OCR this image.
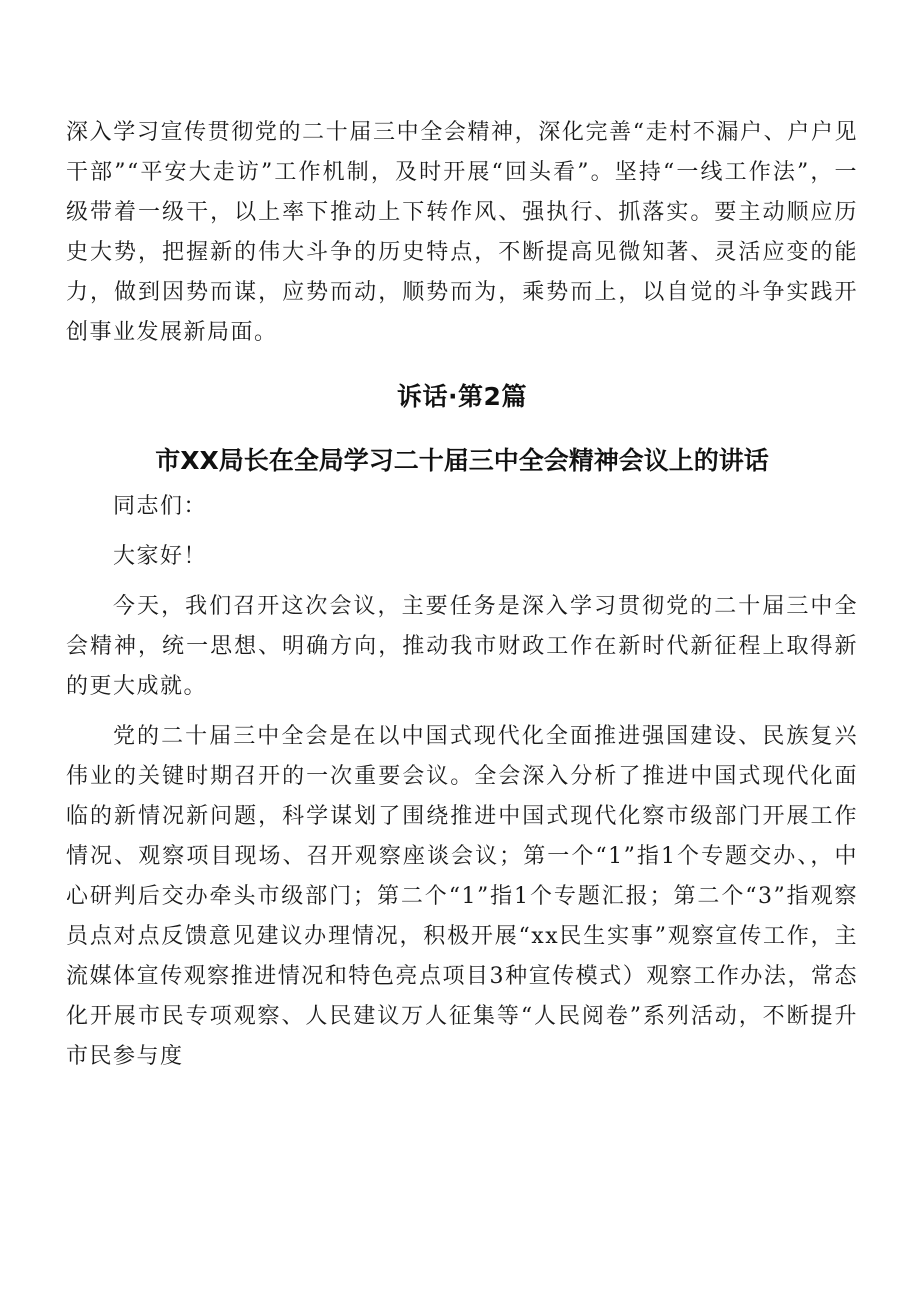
深入学习宣传贯彻党的二十届三中全会精神，深化完善“走村不漏户、户户见干部”“平安大走访”工作机制，及时开展“回头看”。坚持“一线工作法”，一级带着一级干，以上率下推动上下转作风、强执行、抓落实。要主动顺应历史大势，把握新的伟大斗争的历史特点，不断提高见微知著、灵活应变的能力，做到因势而谋，应势而动，顺势而为，乘势而上，以自觉的斗争实践开创事业发展新局面。

诉话·第2篇
市XX局长在全局学习二十届三中全会精神会议上的讲话

同志们：

大家好！

今天，我们召开这次会议，主要任务是深入学习贯彻党的二十届三中全会精神，统一思想、明确方向，推动我市财政工作在新时代新征程上取得新的更大成就。

党的二十届三中全会是在以中国式现代化全面推进强国建设、民族复兴伟业的关键时期召开的一次重要会议。全会深入分析了推进中国式现代化面临的新情况新问题，科学谋划了围绕推进中国式现代化察市级部门开展工作情况、观察项目现场、召开观察座谈会议；第一个“1”指1个专题交办、，中心研判后交办牵头市级部门；第二个“1”指1个专题汇报；第二个“3”指观察员点对点反馈意见建议办理情况，积极开展“xx民生实事”观察宣传工作，主流媒体宣传观察推进情况和特色亮点项目3种宣传模式）观察工作办法，常态化开展市民专项观察、人民建议万人征集等“人民阅卷”系列活动，不断提升市民参与度
